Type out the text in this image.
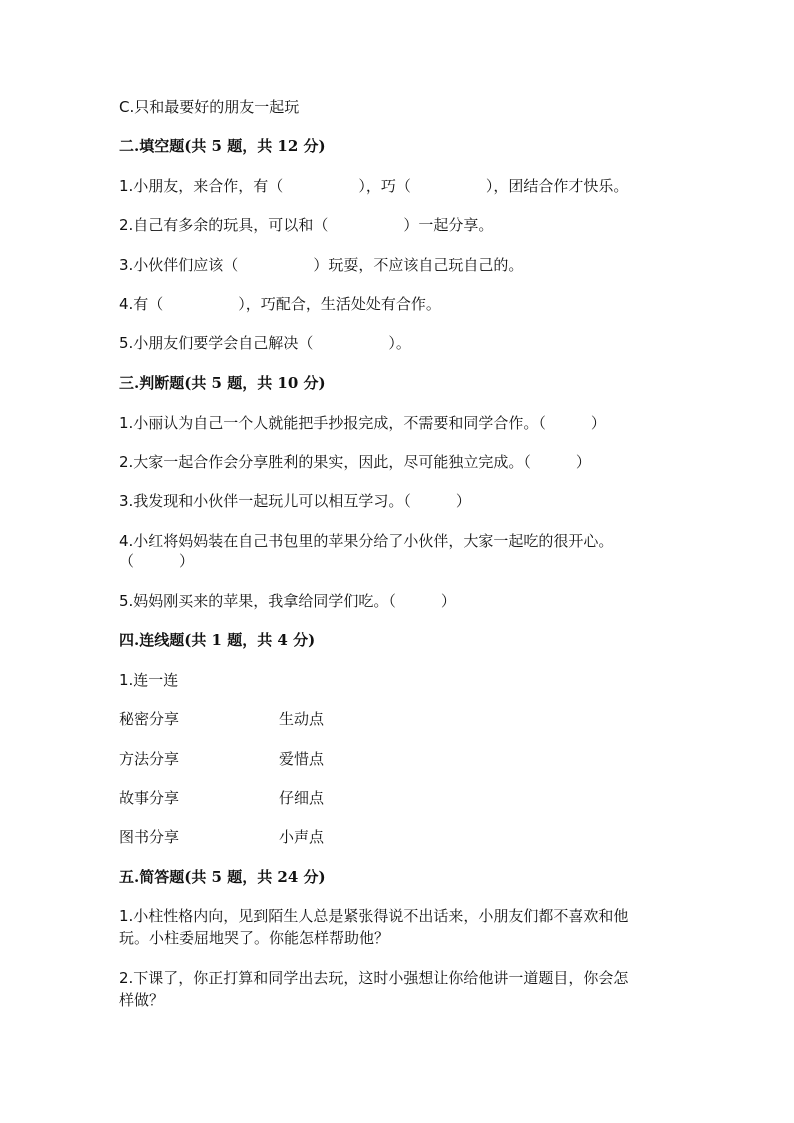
C.只和最要好的朋友一起玩
二.填空题(共 5 题，共 12 分)
1.小朋友，来合作，有（　　　　　），巧（　　　　　），团结合作才快乐。
2.自己有多余的玩具，可以和（　　　　　）一起分享。
3.小伙伴们应该（　　　　　）玩耍，不应该自己玩自己的。
4.有（　　　　　），巧配合，生活处处有合作。
5.小朋友们要学会自己解决（　　　　　）。
三.判断题(共 5 题，共 10 分)
1.小丽认为自己一个人就能把手抄报完成，不需要和同学合作。（　　　）
2.大家一起合作会分享胜利的果实，因此，尽可能独立完成。（　　　）
3.我发现和小伙伴一起玩儿可以相互学习。（　　　）
4.小红将妈妈装在自己书包里的苹果分给了小伙伴，大家一起吃的很开心。
（　　　）
5.妈妈刚买来的苹果，我拿给同学们吃。（　　　）
四.连线题(共 1 题，共 4 分)
1.连一连
秘密分享	生动点
方法分享	爱惜点
故事分享	仔细点
图书分享	小声点
五.简答题(共 5 题，共 24 分)
1.小柱性格内向，见到陌生人总是紧张得说不出话来，小朋友们都不喜欢和他
玩。小柱委屈地哭了。你能怎样帮助他？
2.下课了，你正打算和同学出去玩，这时小强想让你给他讲一道题目，你会怎
样做？
